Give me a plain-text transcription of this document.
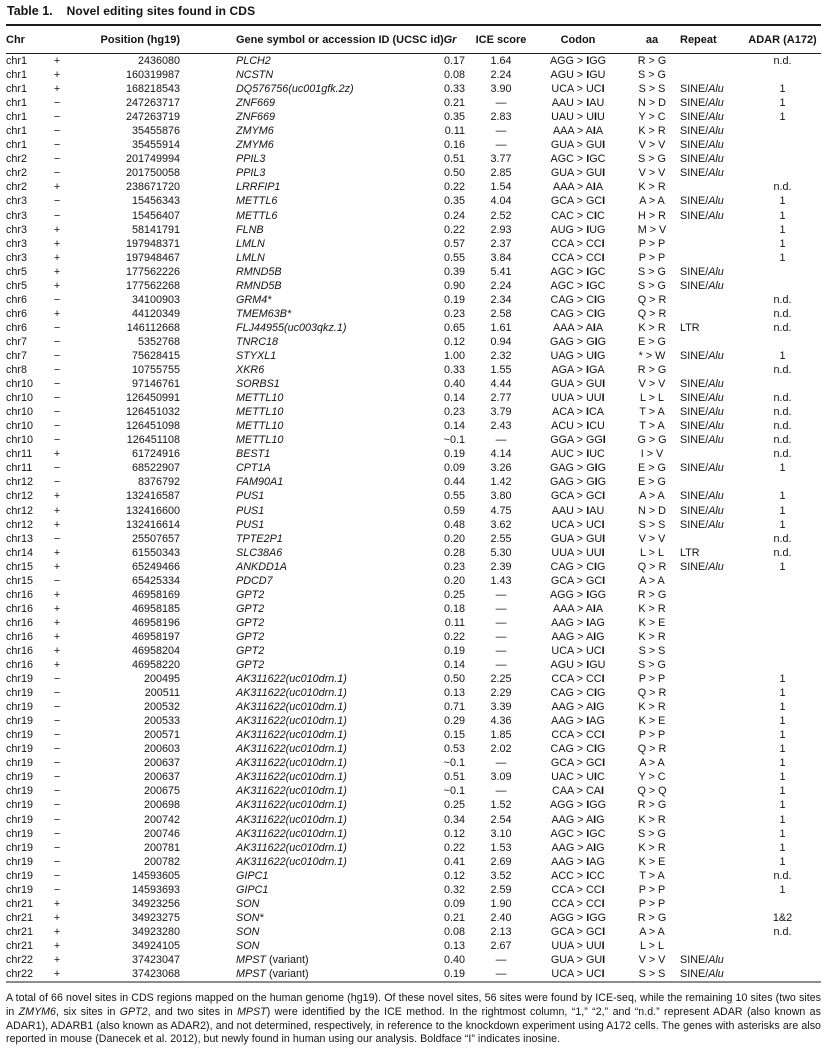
Table 1. Novel editing sites found in CDS
Chr		Position (hg19)	Gene symbol or accession ID (UCSC id)	Gr	ICE score	Codon	aa	Repeat	ADAR (A172)
chr1	+	2436080	PLCH2	0.17	1.64	AGG > IGG	R > G		n.d.
chr1	+	160319987	NCSTN	0.08	2.24	AGU > IGU	S > G		
chr1	+	168218543	DQ576756(uc001gfk.2z)	0.33	3.90	UCA > UCI	S > S	SINE/Alu	1
chr1	−	247263717	ZNF669	0.21	—	AAU > IAU	N > D	SINE/Alu	1
chr1	−	247263719	ZNF669	0.35	2.83	UAU > UIU	Y > C	SINE/Alu	1
chr1	−	35455876	ZMYM6	0.11	—	AAA > AIA	K > R	SINE/Alu	
chr1	−	35455914	ZMYM6	0.16	—	GUA > GUI	V > V	SINE/Alu	
chr2	−	201749994	PPIL3	0.51	3.77	AGC > IGC	S > G	SINE/Alu	
chr2	−	201750058	PPIL3	0.50	2.85	GUA > GUI	V > V	SINE/Alu	
chr2	+	238671720	LRRFIP1	0.22	1.54	AAA > AIA	K > R		n.d.
chr3	−	15456343	METTL6	0.35	4.04	GCA > GCI	A > A	SINE/Alu	1
chr3	−	15456407	METTL6	0.24	2.52	CAC > CIC	H > R	SINE/Alu	1
chr3	+	58141791	FLNB	0.22	2.93	AUG > IUG	M > V		1
chr3	+	197948371	LMLN	0.57	2.37	CCA > CCI	P > P		1
chr3	+	197948467	LMLN	0.55	3.84	CCA > CCI	P > P		1
chr5	+	177562226	RMND5B	0.39	5.41	AGC > IGC	S > G	SINE/Alu	
chr5	+	177562268	RMND5B	0.90	2.24	AGC > IGC	S > G	SINE/Alu	
chr6	−	34100903	GRM4*	0.19	2.34	CAG > CIG	Q > R		n.d.
chr6	+	44120349	TMEM63B*	0.23	2.58	CAG > CIG	Q > R		n.d.
chr6	−	146112668	FLJ44955(uc003qkz.1)	0.65	1.61	AAA > AIA	K > R	LTR	n.d.
chr7	−	5352768	TNRC18	0.12	0.94	GAG > GIG	E > G		
chr7	−	75628415	STYXL1	1.00	2.32	UAG > UIG	* > W	SINE/Alu	1
chr8	−	10755755	XKR6	0.33	1.55	AGA > IGA	R > G		n.d.
chr10	−	97146761	SORBS1	0.40	4.44	GUA > GUI	V > V	SINE/Alu	
chr10	−	126450991	METTL10	0.14	2.77	UUA > UUI	L > L	SINE/Alu	n.d.
chr10	−	126451032	METTL10	0.23	3.79	ACA > ICA	T > A	SINE/Alu	n.d.
chr10	−	126451098	METTL10	0.14	2.43	ACU > ICU	T > A	SINE/Alu	n.d.
chr10	−	126451108	METTL10	~0.1	—	GGA > GGI	G > G	SINE/Alu	n.d.
chr11	+	61724916	BEST1	0.19	4.14	AUC > IUC	I > V		n.d.
chr11	−	68522907	CPT1A	0.09	3.26	GAG > GIG	E > G	SINE/Alu	1
chr12	−	8376792	FAM90A1	0.44	1.42	GAG > GIG	E > G		
chr12	+	132416587	PUS1	0.55	3.80	GCA > GCI	A > A	SINE/Alu	1
chr12	+	132416600	PUS1	0.59	4.75	AAU > IAU	N > D	SINE/Alu	1
chr12	+	132416614	PUS1	0.48	3.62	UCA > UCI	S > S	SINE/Alu	1
chr13	−	25507657	TPTE2P1	0.20	2.55	GUA > GUI	V > V		n.d.
chr14	+	61550343	SLC38A6	0.28	5.30	UUA > UUI	L > L	LTR	n.d.
chr15	+	65249466	ANKDD1A	0.23	2.39	CAG > CIG	Q > R	SINE/Alu	1
chr15	−	65425334	PDCD7	0.20	1.43	GCA > GCI	A > A		
chr16	+	46958169	GPT2	0.25	—	AGG > IGG	R > G		
chr16	+	46958185	GPT2	0.18	—	AAA > AIA	K > R		
chr16	+	46958196	GPT2	0.11	—	AAG > IAG	K > E		
chr16	+	46958197	GPT2	0.22	—	AAG > AIG	K > R		
chr16	+	46958204	GPT2	0.19	—	UCA > UCI	S > S		
chr16	+	46958220	GPT2	0.14	—	AGU > IGU	S > G		
chr19	−	200495	AK311622(uc010drn.1)	0.50	2.25	CCA > CCI	P > P		1
chr19	−	200511	AK311622(uc010drn.1)	0.13	2.29	CAG > CIG	Q > R		1
chr19	−	200532	AK311622(uc010drn.1)	0.71	3.39	AAG > AIG	K > R		1
chr19	−	200533	AK311622(uc010drn.1)	0.29	4.36	AAG > IAG	K > E		1
chr19	−	200571	AK311622(uc010drn.1)	0.15	1.85	CCA > CCI	P > P		1
chr19	−	200603	AK311622(uc010drn.1)	0.53	2.02	CAG > CIG	Q > R		1
chr19	−	200637	AK311622(uc010drn.1)	~0.1	—	GCA > GCI	A > A		1
chr19	−	200637	AK311622(uc010drn.1)	0.51	3.09	UAC > UIC	Y > C		1
chr19	−	200675	AK311622(uc010drn.1)	~0.1	—	CAA > CAI	Q > Q		1
chr19	−	200698	AK311622(uc010drn.1)	0.25	1.52	AGG > IGG	R > G		1
chr19	−	200742	AK311622(uc010drn.1)	0.34	2.54	AAG > AIG	K > R		1
chr19	−	200746	AK311622(uc010drn.1)	0.12	3.10	AGC > IGC	S > G		1
chr19	−	200781	AK311622(uc010drn.1)	0.22	1.53	AAG > AIG	K > R		1
chr19	−	200782	AK311622(uc010drn.1)	0.41	2.69	AAG > IAG	K > E		1
chr19	−	14593605	GIPC1	0.12	3.52	ACC > ICC	T > A		n.d.
chr19	−	14593693	GIPC1	0.32	2.59	CCA > CCI	P > P		1
chr21	+	34923256	SON	0.09	1.90	CCA > CCI	P > P		
chr21	+	34923275	SON*	0.21	2.40	AGG > IGG	R > G		1&2
chr21	+	34923280	SON	0.08	2.13	GCA > GCI	A > A		n.d.
chr21	+	34924105	SON	0.13	2.67	UUA > UUI	L > L		
chr22	+	37423047	MPST (variant)	0.40	—	GUA > GUI	V > V	SINE/Alu	
chr22	+	37423068	MPST (variant)	0.19	—	UCA > UCI	S > S	SINE/Alu	

A total of 66 novel sites in CDS regions mapped on the human genome (hg19). Of these novel sites, 56 sites were found by ICE-seq, while the remaining 10 sites (two sites in ZMYM6, six sites in GPT2, and two sites in MPST) were identified by the ICE method. In the rightmost column, “1,” “2,” and “n.d.” represent ADAR (also known as ADAR1), ADARB1 (also known as ADAR2), and not determined, respectively, in reference to the knockdown experiment using A172 cells. The genes with asterisks are also reported in mouse (Danecek et al. 2012), but newly found in human using our analysis. Boldface “I” indicates inosine.
